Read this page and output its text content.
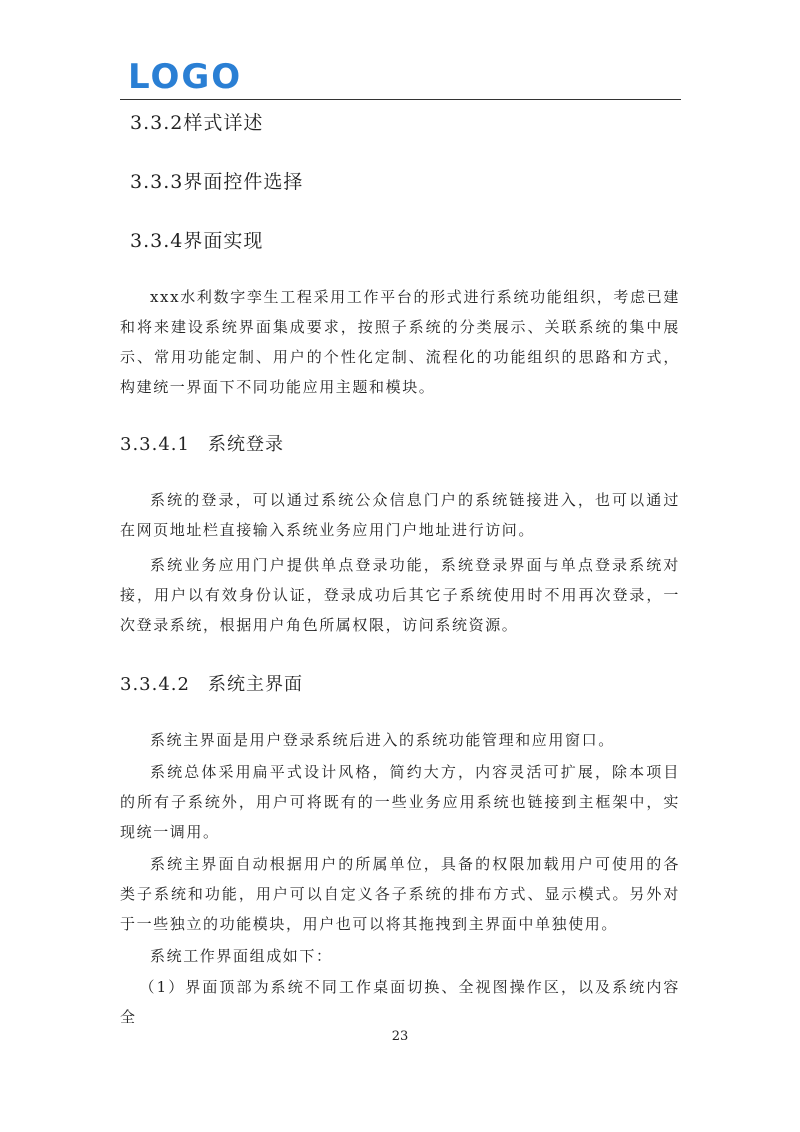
LOGO
3.3.2样式详述
3.3.3界面控件选择
3.3.4界面实现

xxx水利数字孪生工程采用工作平台的形式进行系统功能组织，考虑已建和将来建设系统界面集成要求，按照子系统的分类展示、关联系统的集中展示、常用功能定制、用户的个性化定制、流程化的功能组织的思路和方式，构建统一界面下不同功能应用主题和模块。

3.3.4.1 系统登录

系统的登录，可以通过系统公众信息门户的系统链接进入，也可以通过在网页地址栏直接输入系统业务应用门户地址进行访问。

系统业务应用门户提供单点登录功能，系统登录界面与单点登录系统对接，用户以有效身份认证，登录成功后其它子系统使用时不用再次登录，一次登录系统，根据用户角色所属权限，访问系统资源。

3.3.4.2 系统主界面

系统主界面是用户登录系统后进入的系统功能管理和应用窗口。

系统总体采用扁平式设计风格，简约大方，内容灵活可扩展，除本项目的所有子系统外，用户可将既有的一些业务应用系统也链接到主框架中，实现统一调用。

系统主界面自动根据用户的所属单位，具备的权限加载用户可使用的各类子系统和功能，用户可以自定义各子系统的排布方式、显示模式。另外对于一些独立的功能模块，用户也可以将其拖拽到主界面中单独使用。

系统工作界面组成如下：

（1）界面顶部为系统不同工作桌面切换、全视图操作区，以及系统内容全

23
